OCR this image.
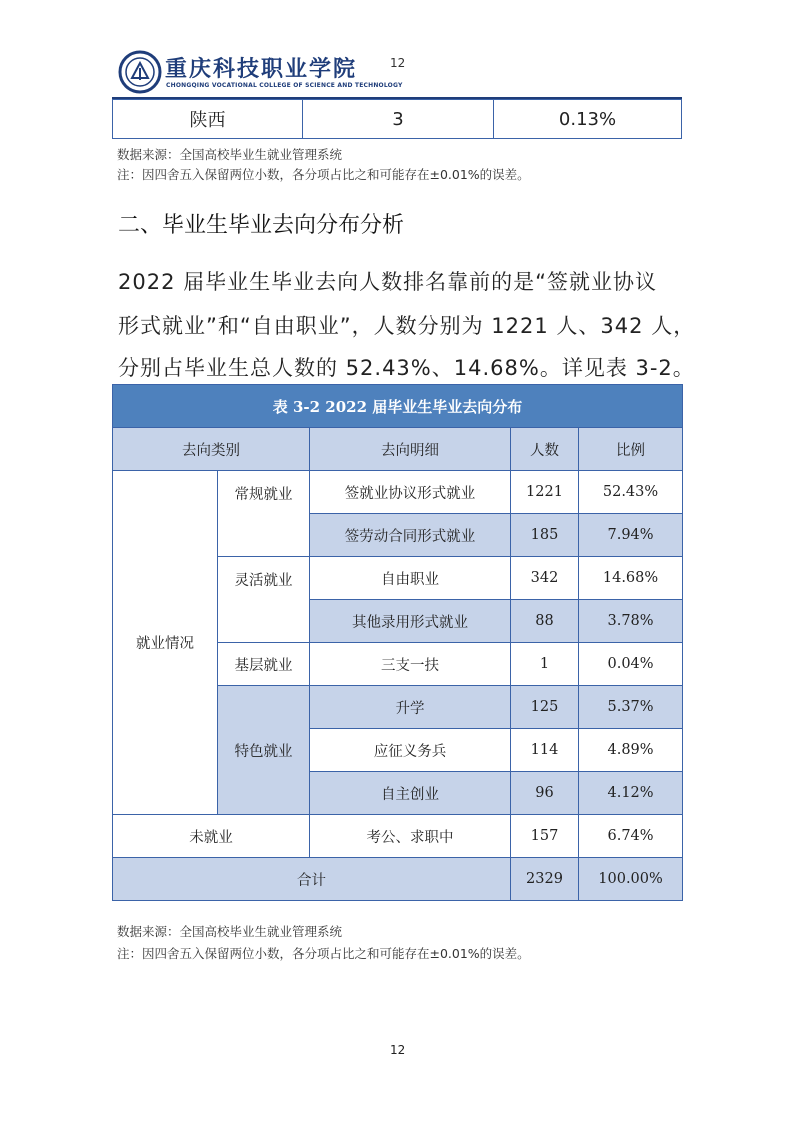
重庆科技职业学院
CHONGQING VOCATIONAL COLLEGE OF SCIENCE AND TECHNOLOGY
12
陕西	3	0.13%
数据来源：全国高校毕业生就业管理系统
注：因四舍五入保留两位小数，各分项占比之和可能存在±0.01%的误差。
二、毕业生毕业去向分布分析
2022 届毕业生毕业去向人数排名靠前的是“签就业协议
形式就业”和“自由职业”，人数分别为 1221 人、342 人，
分别占毕业生总人数的 52.43%、14.68%。详见表 3-2。
表 3-2 2022 届毕业生毕业去向分布				
去向类别		去向明细	人数	比例
就业情况	常规就业	签就业协议形式就业	1221	52.43%
		签劳动合同形式就业	185	7.94%
	灵活就业	自由职业	342	14.68%
		其他录用形式就业	88	3.78%
	基层就业	三支一扶	1	0.04%
	特色就业	升学	125	5.37%
		应征义务兵	114	4.89%
		自主创业	96	4.12%
未就业		考公、求职中	157	6.74%
合计			2329	100.00%
数据来源：全国高校毕业生就业管理系统
注：因四舍五入保留两位小数，各分项占比之和可能存在±0.01%的误差。
12
